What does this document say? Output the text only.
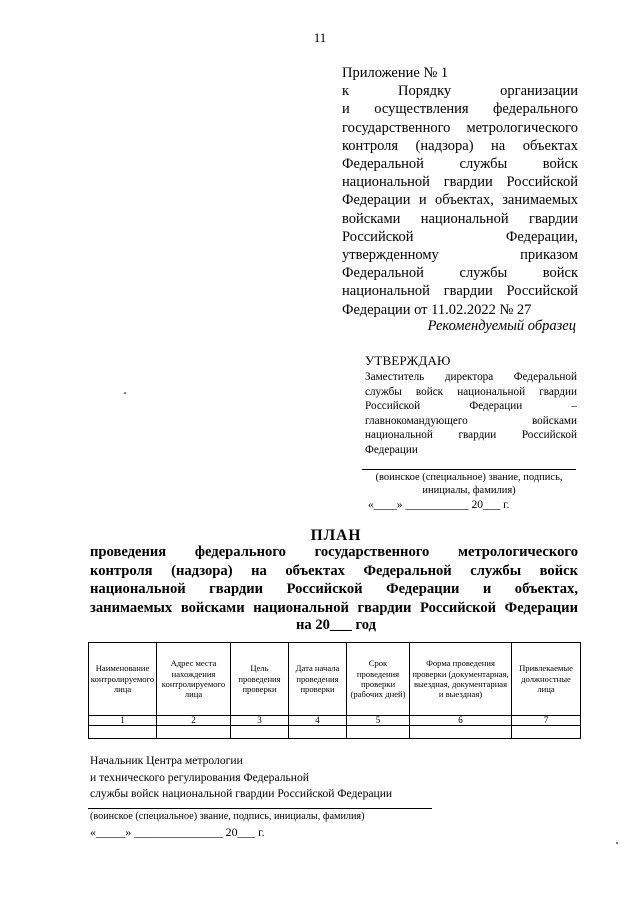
11
Приложение № 1
к Порядку организации
и осуществления федерального
государственного метрологического
контроля (надзора) на объектах
Федеральной службы войск
национальной гвардии Российской
Федерации и объектах, занимаемых
войсками национальной гвардии
Российской Федерации,
утвержденному приказом
Федеральной службы войск
национальной гвардии Российской
Федерации от 11.02.2022 № 27
Рекомендуемый образец
УТВЕРЖДАЮ
Заместитель директора Федеральной
службы войск национальной гвардии
Российской Федерации –
главнокомандующего войсками
национальной гвардии Российской
Федерации
(воинское (специальное) звание, подпись,
инициалы, фамилия)
«____» ___________ 20___ г.
ПЛАН
проведения федерального государственного метрологического
контроля (надзора) на объектах Федеральной службы войск
национальной гвардии Российской Федерации и объектах,
занимаемых войсками национальной гвардии Российской Федерации
на 20___ год
Наименование контролируемого лица	Адрес места нахождения контролируемого лица	Цель проведения проверки	Дата начала проведения проверки	Срок проведения проверки (рабочих дней)	Форма проведения проверки (документарная, выездная, документарная и выездная)	Привлекаемые должностные лица
1	2	3	4	5	6	7

Начальник Центра метрологии
и технического регулирования Федеральной
службы войск национальной гвардии Российской Федерации
(воинское (специальное) звание, подпись, инициалы, фамилия)
«_____» _______________ 20___ г.
